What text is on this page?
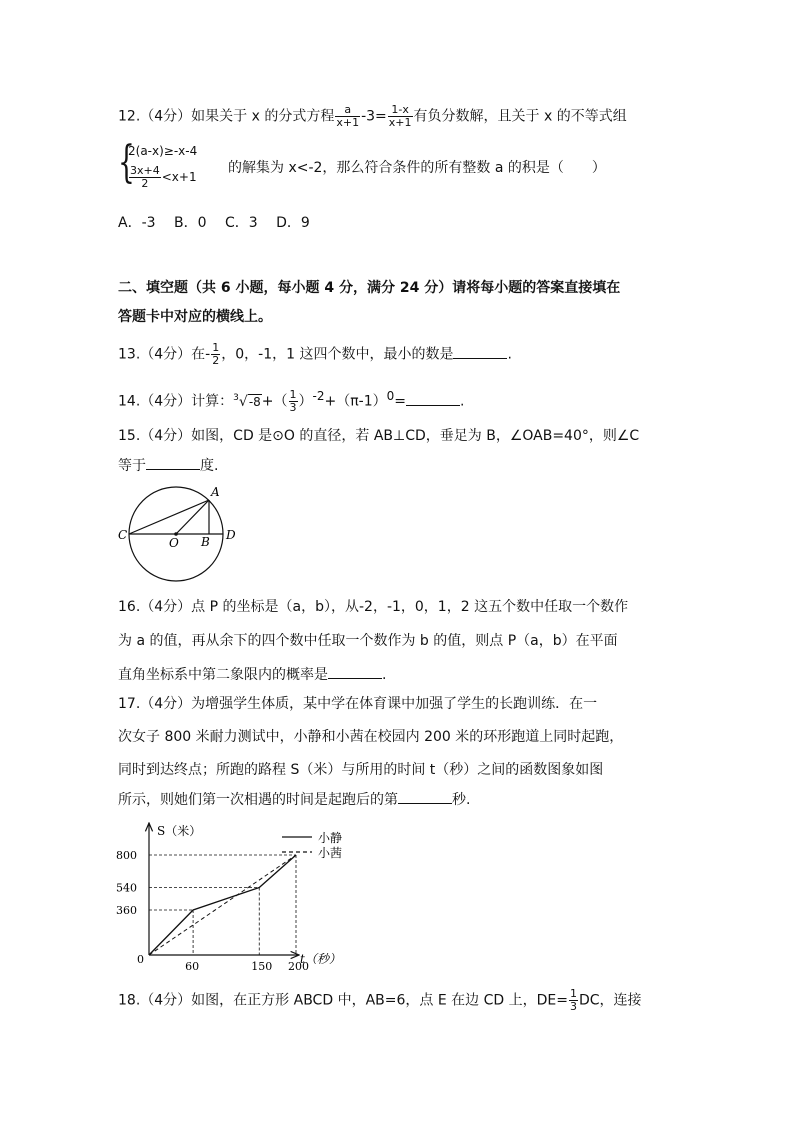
12.（4分）如果关于 x 的分式方程 $\frac{a}{x+1} -3= \frac{1-x}{x+1}$ 有负分数解，且关于 x 的不等式组
{
2(a-x)≥-x-4
$\frac{3x+4}{2} <x+1$
的解集为 x<-2，那么符合条件的所有整数 a 的积是（　　）
A．-3　 B．0　 C．3　 D．9
二、填空题（共 6 小题，每小题 4 分，满分 24 分）请将每小题的答案直接填在
答题卡中对应的横线上。
13.（4分）在- $\frac{1}{2}$ ，0，-1，1 这四个数中，最小的数是	.
14.（4分）计算：$^3√-8+( \frac{1}{3} )^{-2}+(\pi-1)^0=$	.
15.（4分）如图，CD 是⊙O 的直径，若 AB⊥CD，垂足为 B，∠OAB=40°，则∠C
等于	度.
A
B
C	D
O
16.（4分）点 P 的坐标是（a，b），从-2，-1，0，1，2 这五个数中任取一个数作
为 a 的值，再从余下的四个数中任取一个数作为 b 的值，则点 P（a，b）在平面
直角坐标系中第二象限内的概率是	.
17.（4分）为增强学生体质，某中学在体育课中加强了学生的长跑训练．在一
次女子 800 米耐力测试中，小静和小茜在校园内 200 米的环形跑道上同时起跑，
同时到达终点；所跑的路程 S（米）与所用的时间 t（秒）之间的函数图象如图
所示，则她们第一次相遇的时间是起跑后的第	秒.
S（米）
t（秒）
0
60	150 200
360
540
800
小静
小茜
18.（4分）如图，在正方形 ABCD 中，AB=6，点 E 在边 CD 上，$DE= \frac{1}{3}$ DC，连接
